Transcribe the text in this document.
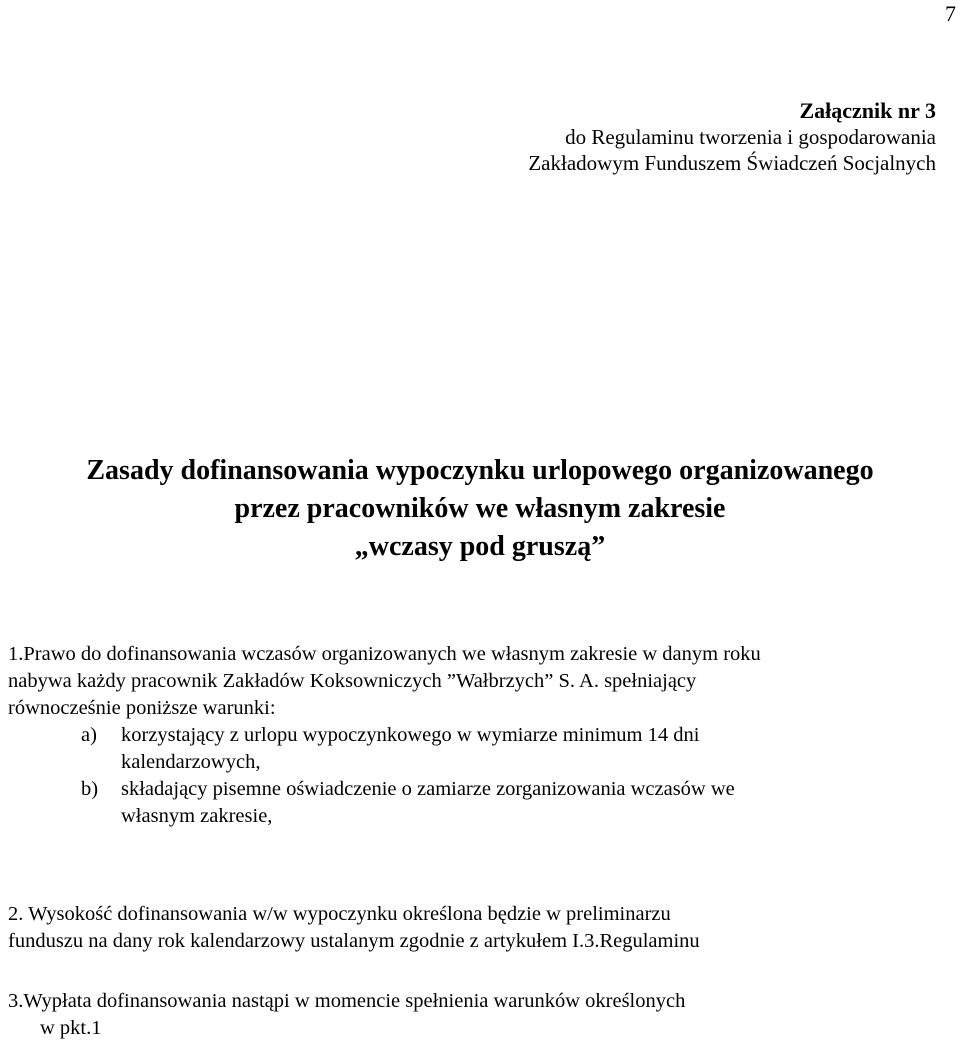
7
Załącznik nr 3
do Regulaminu tworzenia i gospodarowania
Zakładowym Funduszem Świadczeń Socjalnych
Zasady dofinansowania wypoczynku urlopowego organizowanego
przez pracowników we własnym zakresie
„wczasy pod gruszą”
1.Prawo do dofinansowania wczasów organizowanych we własnym zakresie w danym roku
nabywa każdy pracownik Zakładów Koksowniczych ”Wałbrzych” S. A. spełniający
równocześnie poniższe warunki:
a)	korzystający z urlopu wypoczynkowego w wymiarze minimum 14 dni
kalendarzowych,
b)	składający pisemne oświadczenie o zamiarze zorganizowania wczasów we
własnym zakresie,
2. Wysokość dofinansowania w/w wypoczynku określona będzie w preliminarzu
funduszu na dany rok kalendarzowy ustalanym zgodnie z artykułem I.3.Regulaminu
3.Wypłata dofinansowania nastąpi w momencie spełnienia warunków określonych
w pkt.1
